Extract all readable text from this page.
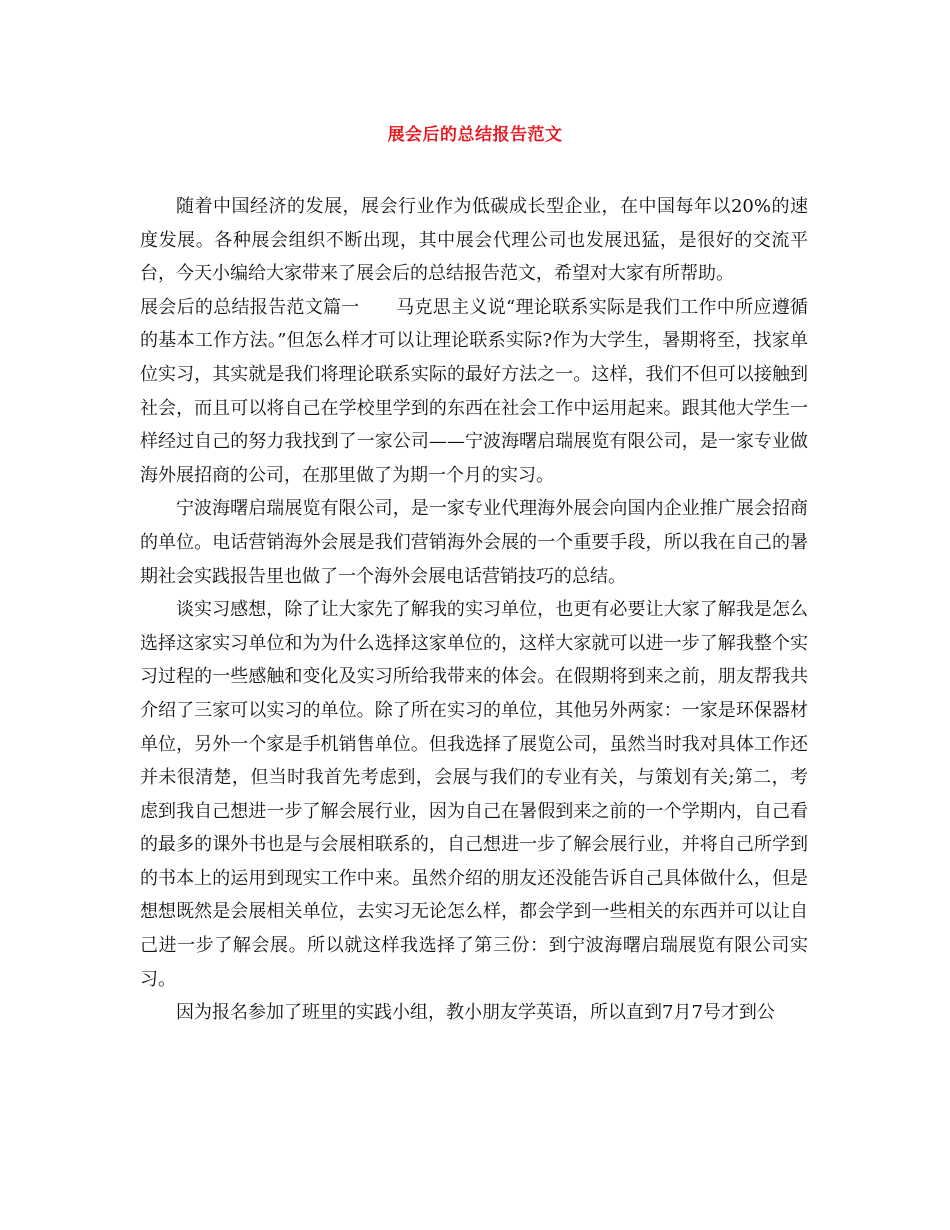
展会后的总结报告范文

随着中国经济的发展，展会行业作为低碳成长型企业，在中国每年以20%的速度发展。各种展会组织不断出现，其中展会代理公司也发展迅猛，是很好的交流平台，今天小编给大家带来了展会后的总结报告范文，希望对大家有所帮助。

展会后的总结报告范文篇一　　马克思主义说“理论联系实际是我们工作中所应遵循的基本工作方法。”但怎么样才可以让理论联系实际?作为大学生，暑期将至，找家单位实习，其实就是我们将理论联系实际的最好方法之一。这样，我们不但可以接触到社会，而且可以将自己在学校里学到的东西在社会工作中运用起来。跟其他大学生一样经过自己的努力我找到了一家公司——宁波海曙启瑞展览有限公司，是一家专业做海外展招商的公司，在那里做了为期一个月的实习。

宁波海曙启瑞展览有限公司，是一家专业代理海外展会向国内企业推广展会招商的单位。电话营销海外会展是我们营销海外会展的一个重要手段，所以我在自己的暑期社会实践报告里也做了一个海外会展电话营销技巧的总结。

谈实习感想，除了让大家先了解我的实习单位，也更有必要让大家了解我是怎么选择这家实习单位和为为什么选择这家单位的，这样大家就可以进一步了解我整个实习过程的一些感触和变化及实习所给我带来的体会。在假期将到来之前，朋友帮我共介绍了三家可以实习的单位。除了所在实习的单位，其他另外两家：一家是环保器材单位，另外一个家是手机销售单位。但我选择了展览公司，虽然当时我对具体工作还并未很清楚，但当时我首先考虑到，会展与我们的专业有关，与策划有关;第二，考虑到我自己想进一步了解会展行业，因为自己在暑假到来之前的一个学期内，自己看的最多的课外书也是与会展相联系的，自己想进一步了解会展行业，并将自己所学到的书本上的运用到现实工作中来。虽然介绍的朋友还没能告诉自己具体做什么，但是想想既然是会展相关单位，去实习无论怎么样，都会学到一些相关的东西并可以让自己进一步了解会展。所以就这样我选择了第三份：到宁波海曙启瑞展览有限公司实习。

因为报名参加了班里的实践小组，教小朋友学英语，所以直到7月7号才到公
